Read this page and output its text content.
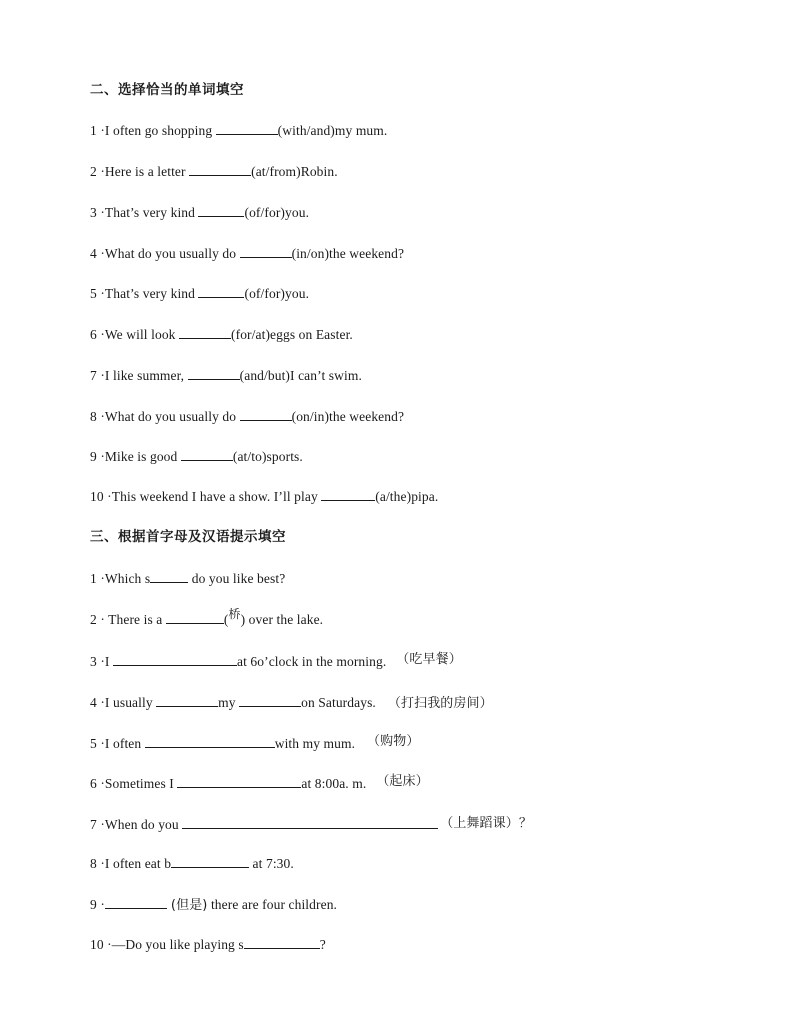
二、选择恰当的单词填空
1 ·I often go shopping	(with/and)my mum.
2 ·Here is a letter	(at/from)Robin.
3 ·That’s very kind	(of/for)you.
4 ·What do you usually do	(in/on)the weekend?
5 ·That’s very kind	(of/for)you.
6 ·We will look	(for/at)eggs on Easter.
7 ·I like summer,	(and/but)I can’t swim.
8 ·What do you usually do	(on/in)the weekend?
9 ·Mike is good	(at/to)sports.
10 ·This weekend I have a show. I’ll play	(a/the)pipa.
三、根据首字母及汉语提示填空
1 ·Which s	do you like best?
2 · There is a	(桥) over the lake.
3 ·I	at 6o’clock in the morning. （吃早餐）
4 ·I usually	my	on Saturdays. （打扫我的房间）
5 ·I often	with my mum. （购物）
6 ·Sometimes I	at 8:00a. m. （起床）
7 ·When do you	（上舞蹈课）？
8 ·I often eat b	at 7:30.
9 ·	(但是) there are four children.
10 ·—Do you like playing s	?
